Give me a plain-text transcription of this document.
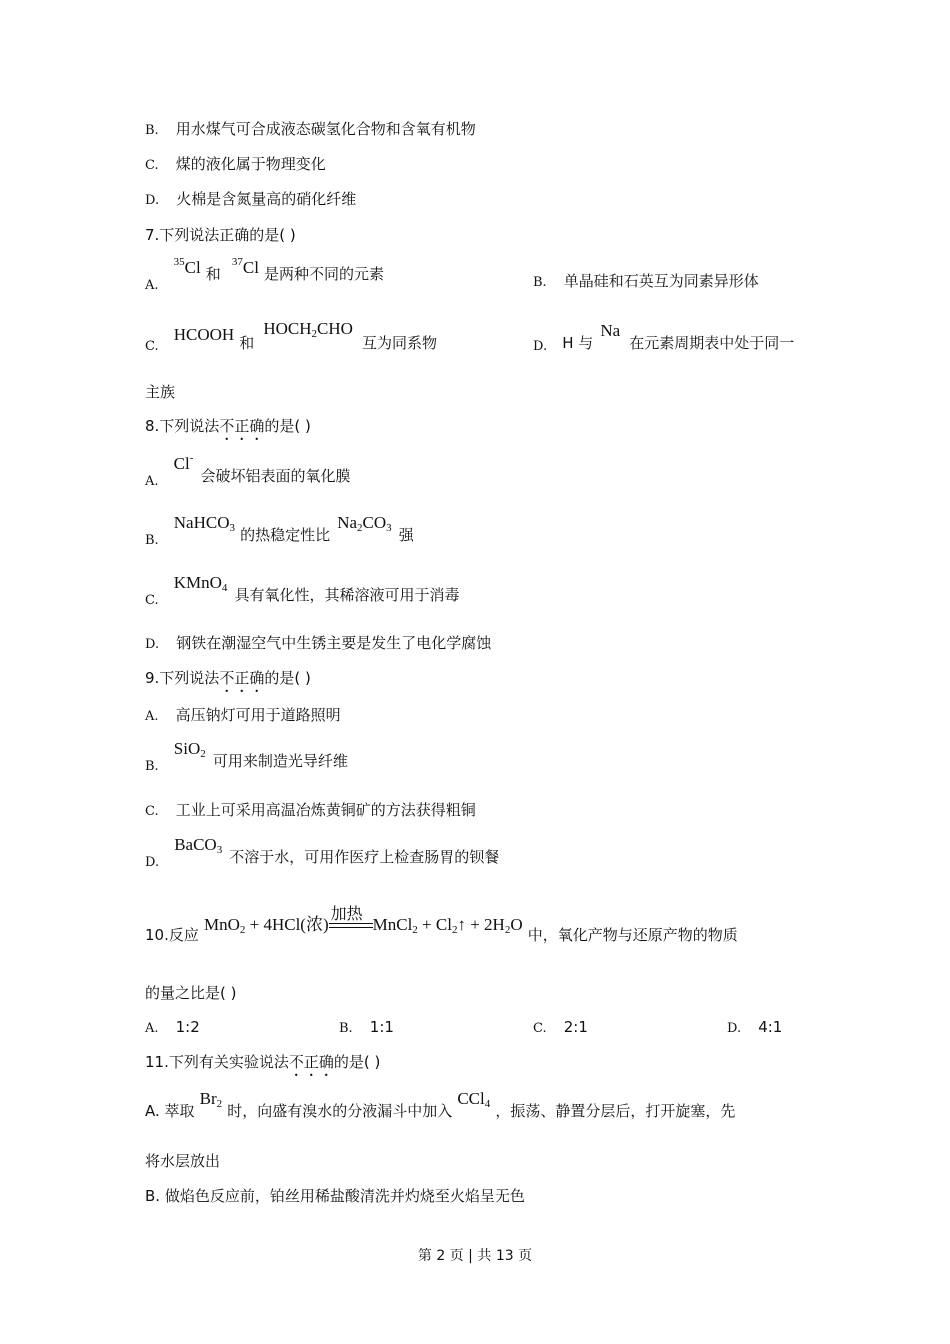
B. 用水煤气可合成液态碳氢化合物和含氧有机物
C. 煤的液化属于物理变化
D. 火棉是含氮量高的硝化纤维
7.下列说法正确的是( )
$_{A.}$ $^{35}$Cl 和 $^{37}$Cl 是两种不同的元素	B. 单晶硅和石英互为同素异形体
$_{C.}$ HCOOH 和 HOCH2CHO 互为同系物	$_{D.}$ H 与 Na 在元素周期表中处于同一
主族
8.下列说法不正确的是( )
$_{A.}$ Cl- 会破坏铝表面的氧化膜
$_{B.}$ NaHCO3 的热稳定性比 Na2CO3 强
$_{C.}$ KMnO4 具有氧化性，其稀溶液可用于消毒
D. 钢铁在潮湿空气中生锈主要是发生了电化学腐蚀
9.下列说法不正确的是( )
A. 高压钠灯可用于道路照明
$_{B.}$ SiO2 可用来制造光导纤维
C. 工业上可采用高温冶炼黄铜矿的方法获得粗铜
$_{D.}$ BaCO3 不溶于水，可用作医疗上检查肠胃的钡餐
10.反应 MnO2 + 4HCl(浓)
加热
MnCl2 + Cl2↑ + 2H2O 中，氧化产物与还原产物的物质
的量之比是( )
A. 1:2	B. 1:1	C. 2:1	D. 4:1
11.下列有关实验说法不正确的是( )
A. 萃取 Br2 时，向盛有溴水的分液漏斗中加入 CCl4 ，振荡、静置分层后，打开旋塞，先
将水层放出
B. 做焰色反应前，铂丝用稀盐酸清洗并灼烧至火焰呈无色
第 2 页 | 共 13 页
